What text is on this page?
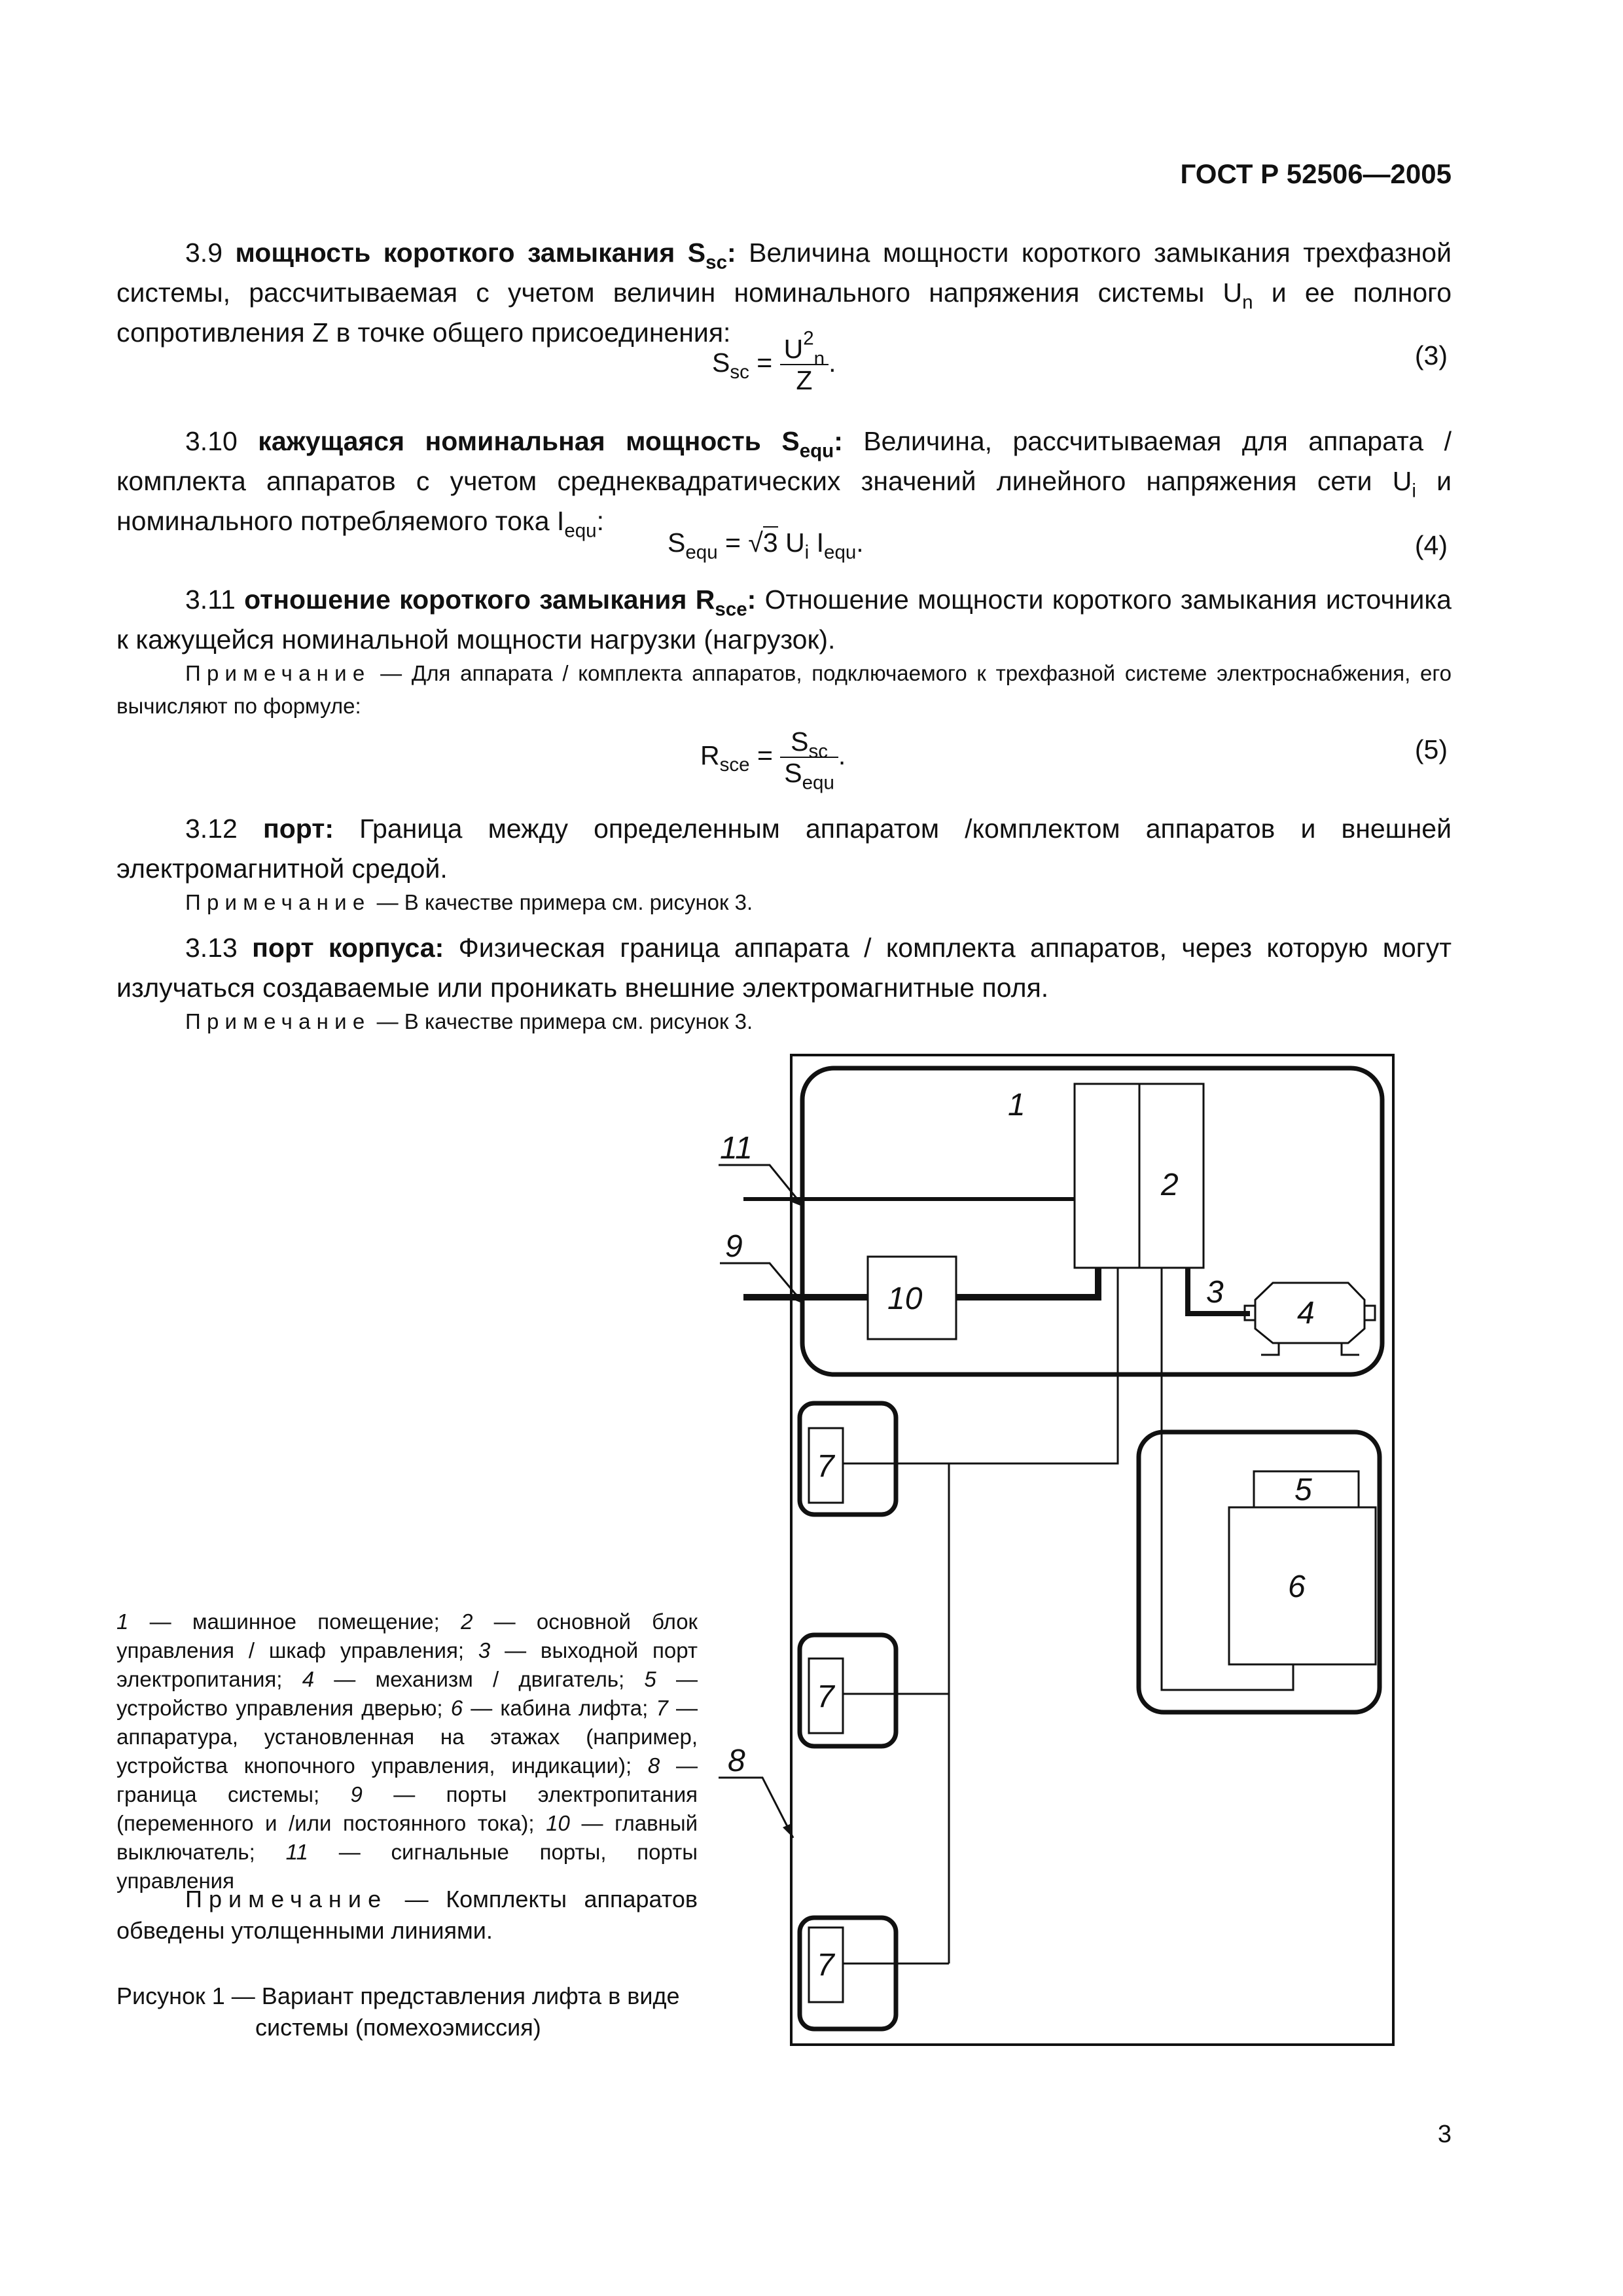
ГОСТ Р 52506—2005
3.9 мощность короткого замыкания $S_{sc}$: Величина мощности короткого замыкания трехфазной системы, рассчитываемая с учетом величин номинального напряжения системы $U_n$ и ее полного сопротивления Z в точке общего присоединения:
$S_{sc} = \frac{U^2_n}{Z}$ .	(3)
3.10 кажущаяся номинальная мощность $S_{equ}$: Величина, рассчитываемая для аппарата / комплекта аппаратов с учетом среднеквадратических значений линейного напряжения сети $U_i$ и номинального потребляемого тока $I_{equ}$:
$S_{equ} = √3$ $U_i$ $I_{equ}$.	(4)
3.11 отношение короткого замыкания $R_{sce}$: Отношение мощности короткого замыкания источника к кажущейся номинальной мощности нагрузки (нагрузок).
Примечание — Для аппарата / комплекта аппаратов, подключаемого к трехфазной системе электроснабжения, его вычисляют по формуле:
$R_{sce} = \frac{S_{sc}}{S_{equ}}$ .	(5)
3.12 порт: Граница между определенным аппаратом /комплектом аппаратов и внешней электромагнитной средой.
Примечание — В качестве примера см. рисунок 3.
3.13 порт корпуса: Физическая граница аппарата / комплекта аппаратов, через которую могут излучаться создаваемые или проникать внешние электромагнитные поля.
Примечание — В качестве примера см. рисунок 3.
1
2
3
4
5
6
7
7
7
8
9
10
11
1 — машинное помещение; 2 — основной блок управления / шкаф управления; 3 — выходной порт электропитания; 4 — механизм / двигатель; 5 — устройство управления дверью; 6 — кабина лифта; 7 — аппаратура, установленная на этажах (например, устройства кнопочного управления, индикации); 8 — граница системы; 9 — порты электропитания (переменного и /или постоянного тока); 10 — главный выключатель; 11 — сигнальные порты, порты управления
Примечание — Комплекты аппаратов обведены утолщенными линиями.
Рисунок 1 — Вариант представления лифта в виде
системы (помехоэмиссия)
3
